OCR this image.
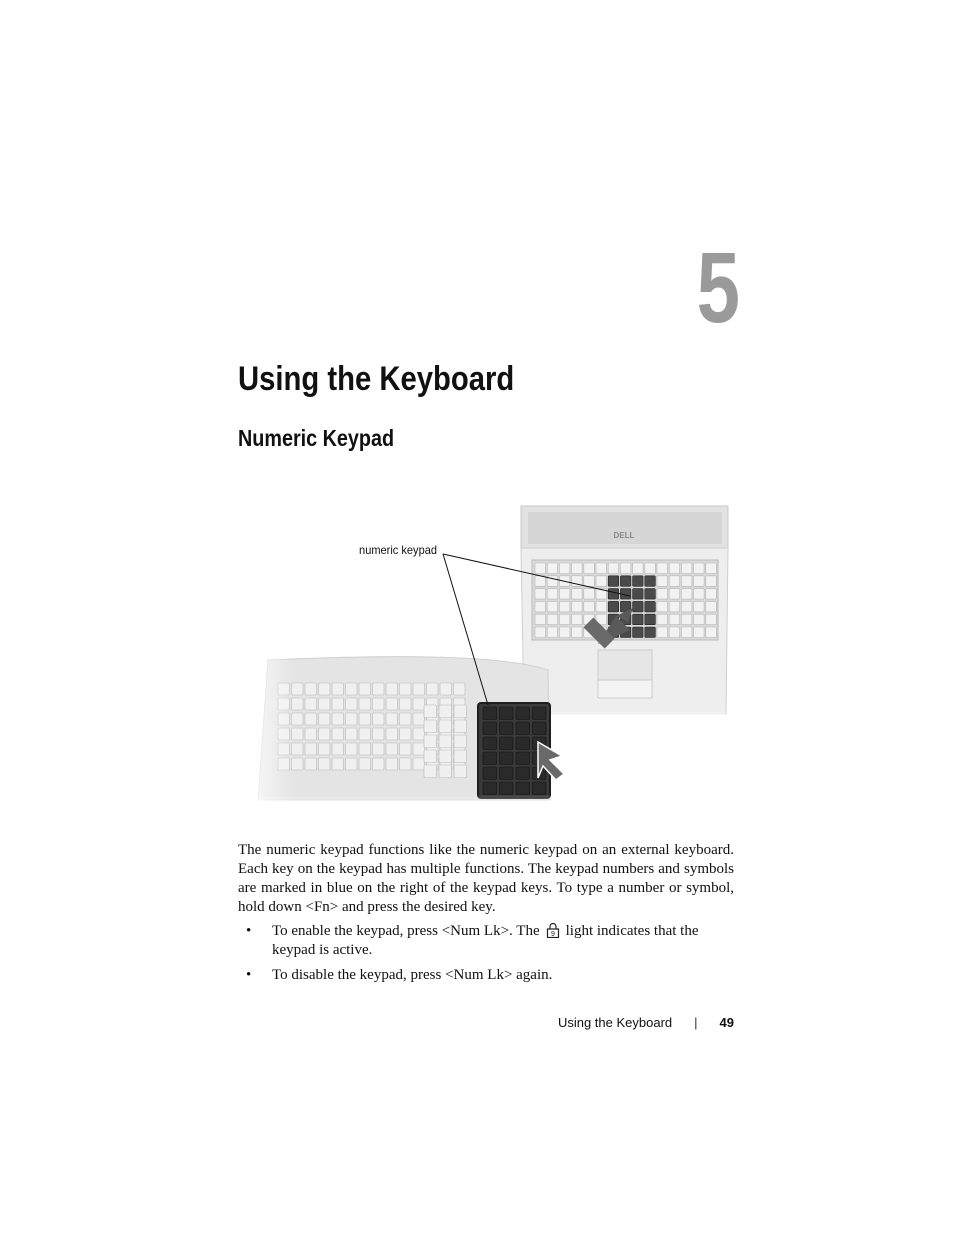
5
Using the Keyboard
Numeric Keypad
DELL
numeric keypad

The numeric keypad functions like the numeric keypad on an external keyboard. Each key on the keypad has multiple functions. The keypad numbers and symbols are marked in blue on the right of the keypad keys. To type a number or symbol, hold down <Fn> and press the desired key.

• To enable the keypad, press <Num Lk>. The 9 light indicates that the keypad is active.
• To disable the keypad, press <Num Lk> again.
Using the Keyboard | 49
